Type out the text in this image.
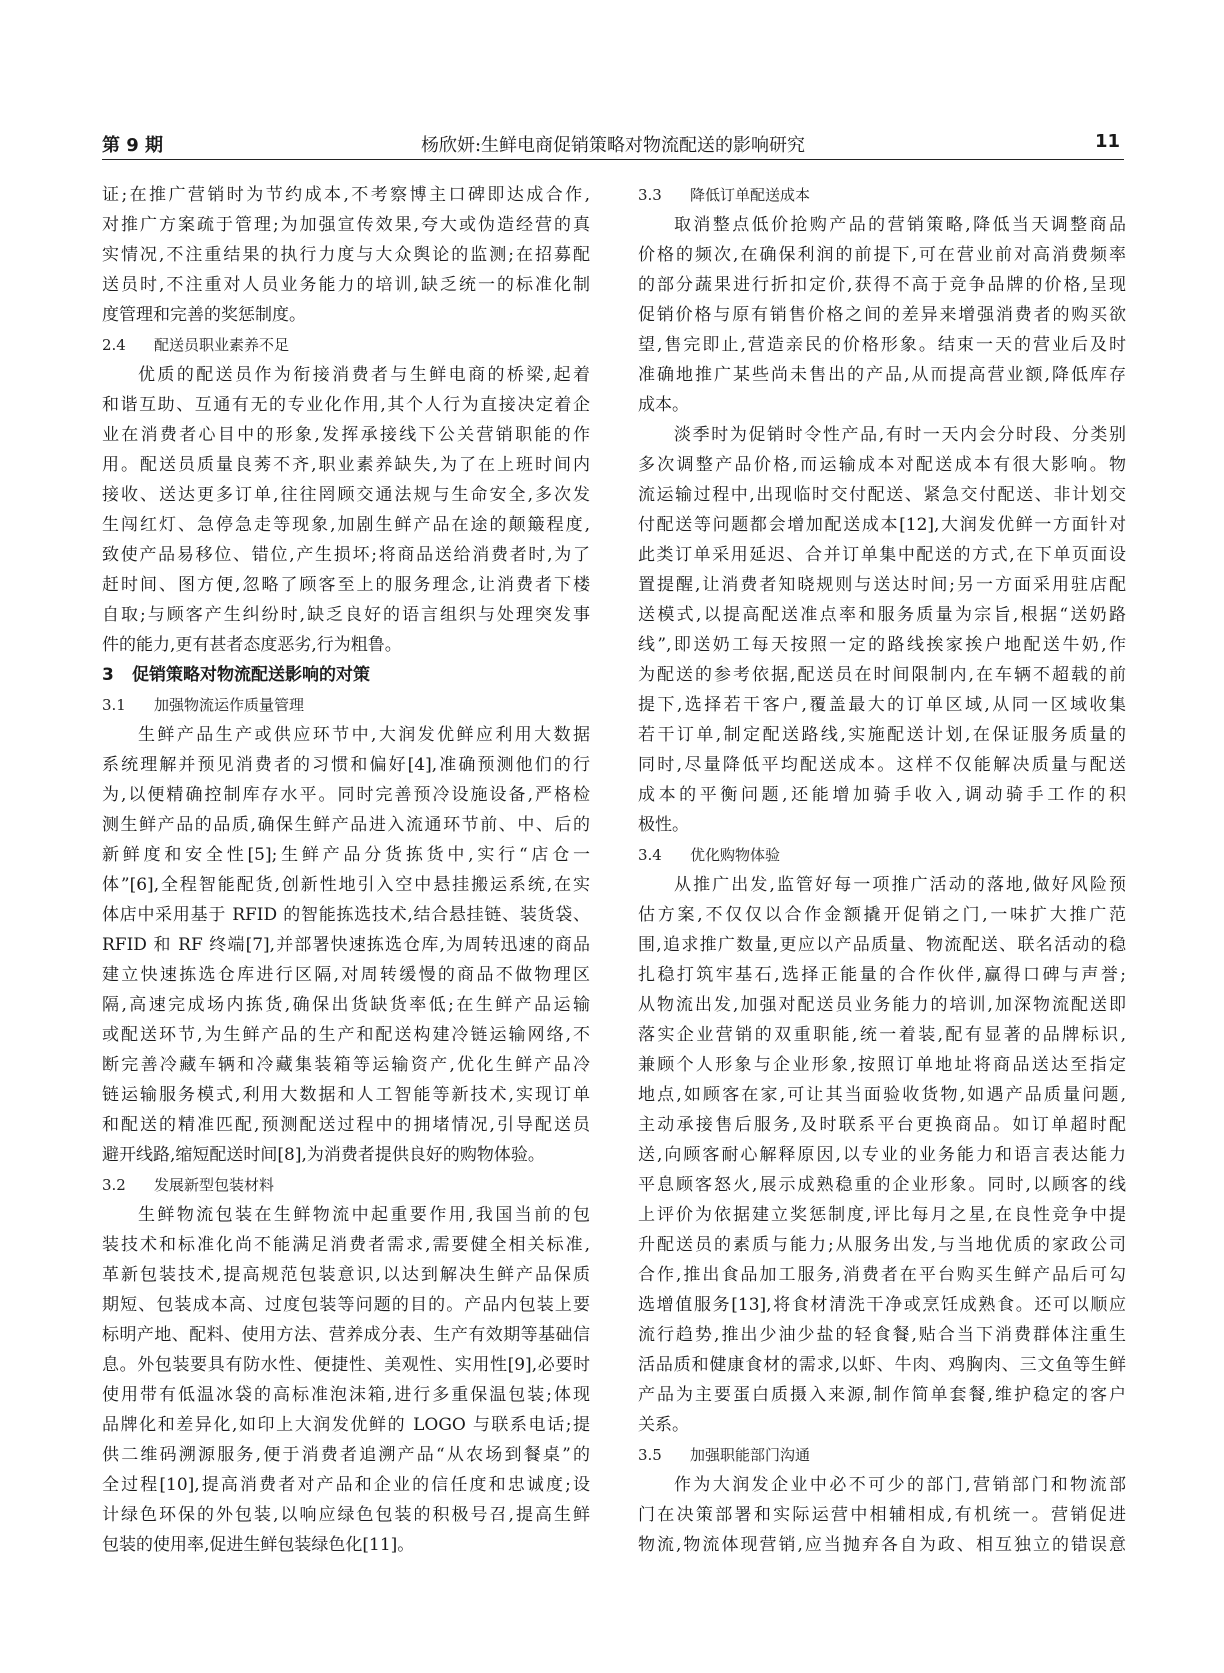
第 9 期	杨欣妍:生鲜电商促销策略对物流配送的影响研究	11
证;在推广营销时为节约成本,不考察博主口碑即达成合作,
对推广方案疏于管理;为加强宣传效果,夸大或伪造经营的真
实情况,不注重结果的执行力度与大众舆论的监测;在招募配
送员时,不注重对人员业务能力的培训,缺乏统一的标准化制
度管理和完善的奖惩制度。
2.4 配送员职业素养不足
优质的配送员作为衔接消费者与生鲜电商的桥梁,起着
和谐互助、互通有无的专业化作用,其个人行为直接决定着企
业在消费者心目中的形象,发挥承接线下公关营销职能的作
用。配送员质量良莠不齐,职业素养缺失,为了在上班时间内
接收、送达更多订单,往往罔顾交通法规与生命安全,多次发
生闯红灯、急停急走等现象,加剧生鲜产品在途的颠簸程度,
致使产品易移位、错位,产生损坏;将商品送给消费者时,为了
赶时间、图方便,忽略了顾客至上的服务理念,让消费者下楼
自取;与顾客产生纠纷时,缺乏良好的语言组织与处理突发事
件的能力,更有甚者态度恶劣,行为粗鲁。
3 促销策略对物流配送影响的对策
3.1 加强物流运作质量管理
生鲜产品生产或供应环节中,大润发优鲜应利用大数据
系统理解并预见消费者的习惯和偏好[4],准确预测他们的行
为,以便精确控制库存水平。同时完善预冷设施设备,严格检
测生鲜产品的品质,确保生鲜产品进入流通环节前、中、后的
新鲜度和安全性[5];生鲜产品分货拣货中,实行“店仓一
体”[6],全程智能配货,创新性地引入空中悬挂搬运系统,在实
体店中采用基于 RFID 的智能拣选技术,结合悬挂链、装货袋、
RFID 和 RF 终端[7],并部署快速拣选仓库,为周转迅速的商品
建立快速拣选仓库进行区隔,对周转缓慢的商品不做物理区
隔,高速完成场内拣货,确保出货缺货率低;在生鲜产品运输
或配送环节,为生鲜产品的生产和配送构建冷链运输网络,不
断完善冷藏车辆和冷藏集装箱等运输资产,优化生鲜产品冷
链运输服务模式,利用大数据和人工智能等新技术,实现订单
和配送的精准匹配,预测配送过程中的拥堵情况,引导配送员
避开线路,缩短配送时间[8],为消费者提供良好的购物体验。
3.2 发展新型包装材料
生鲜物流包装在生鲜物流中起重要作用,我国当前的包
装技术和标准化尚不能满足消费者需求,需要健全相关标准,
革新包装技术,提高规范包装意识,以达到解决生鲜产品保质
期短、包装成本高、过度包装等问题的目的。产品内包装上要
标明产地、配料、使用方法、营养成分表、生产有效期等基础信
息。外包装要具有防水性、便捷性、美观性、实用性[9],必要时
使用带有低温冰袋的高标准泡沫箱,进行多重保温包装;体现
品牌化和差异化,如印上大润发优鲜的 LOGO 与联系电话;提
供二维码溯源服务,便于消费者追溯产品“从农场到餐桌”的
全过程[10],提高消费者对产品和企业的信任度和忠诚度;设
计绿色环保的外包装,以响应绿色包装的积极号召,提高生鲜
包装的使用率,促进生鲜包装绿色化[11]。
3.3 降低订单配送成本
取消整点低价抢购产品的营销策略,降低当天调整商品
价格的频次,在确保利润的前提下,可在营业前对高消费频率
的部分蔬果进行折扣定价,获得不高于竞争品牌的价格,呈现
促销价格与原有销售价格之间的差异来增强消费者的购买欲
望,售完即止,营造亲民的价格形象。结束一天的营业后及时
准确地推广某些尚未售出的产品,从而提高营业额,降低库存
成本。
淡季时为促销时令性产品,有时一天内会分时段、分类别
多次调整产品价格,而运输成本对配送成本有很大影响。物
流运输过程中,出现临时交付配送、紧急交付配送、非计划交
付配送等问题都会增加配送成本[12],大润发优鲜一方面针对
此类订单采用延迟、合并订单集中配送的方式,在下单页面设
置提醒,让消费者知晓规则与送达时间;另一方面采用驻店配
送模式,以提高配送准点率和服务质量为宗旨,根据“送奶路
线”,即送奶工每天按照一定的路线挨家挨户地配送牛奶,作
为配送的参考依据,配送员在时间限制内,在车辆不超载的前
提下,选择若干客户,覆盖最大的订单区域,从同一区域收集
若干订单,制定配送路线,实施配送计划,在保证服务质量的
同时,尽量降低平均配送成本。这样不仅能解决质量与配送
成本的平衡问题,还能增加骑手收入,调动骑手工作的积
极性。
3.4 优化购物体验
从推广出发,监管好每一项推广活动的落地,做好风险预
估方案,不仅仅以合作金额撬开促销之门,一味扩大推广范
围,追求推广数量,更应以产品质量、物流配送、联名活动的稳
扎稳打筑牢基石,选择正能量的合作伙伴,赢得口碑与声誉;
从物流出发,加强对配送员业务能力的培训,加深物流配送即
落实企业营销的双重职能,统一着装,配有显著的品牌标识,
兼顾个人形象与企业形象,按照订单地址将商品送达至指定
地点,如顾客在家,可让其当面验收货物,如遇产品质量问题,
主动承接售后服务,及时联系平台更换商品。如订单超时配
送,向顾客耐心解释原因,以专业的业务能力和语言表达能力
平息顾客怒火,展示成熟稳重的企业形象。同时,以顾客的线
上评价为依据建立奖惩制度,评比每月之星,在良性竞争中提
升配送员的素质与能力;从服务出发,与当地优质的家政公司
合作,推出食品加工服务,消费者在平台购买生鲜产品后可勾
选增值服务[13],将食材清洗干净或烹饪成熟食。还可以顺应
流行趋势,推出少油少盐的轻食餐,贴合当下消费群体注重生
活品质和健康食材的需求,以虾、牛肉、鸡胸肉、三文鱼等生鲜
产品为主要蛋白质摄入来源,制作简单套餐,维护稳定的客户
关系。
3.5 加强职能部门沟通
作为大润发企业中必不可少的部门,营销部门和物流部
门在决策部署和实际运营中相辅相成,有机统一。营销促进
物流,物流体现营销,应当抛弃各自为政、相互独立的错误意
